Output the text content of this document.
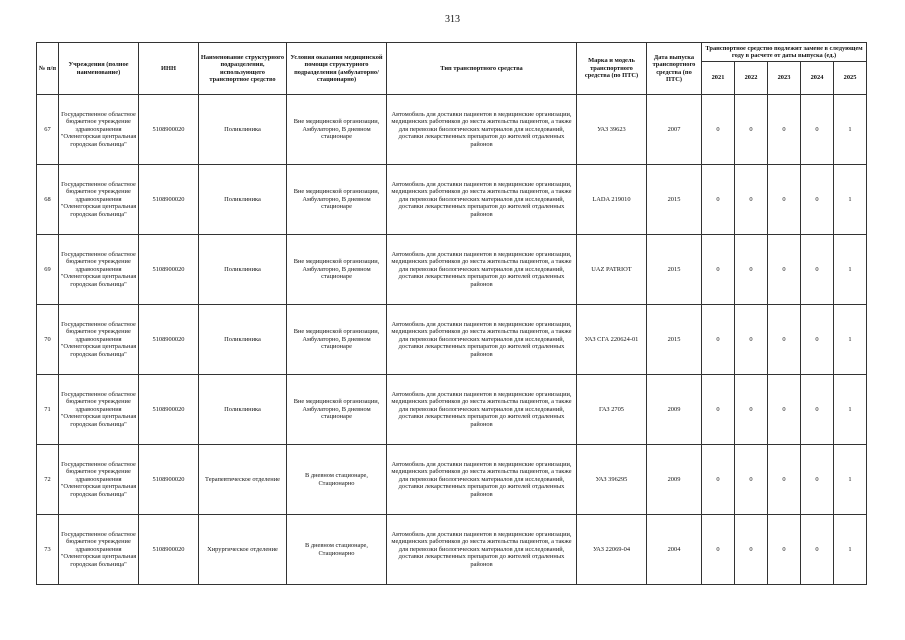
313
№ п/п	Учреждения (полное наименование)	ИНН	Наименование структурного подразделения, использующего транспортное средство	Условия оказания медицинской помощи структурного подразделения (амбулаторно/стационарно)	Тип транспортного средства	Марка и модель транспортного средства (по ПТС)	Дата выпуска транспортного средства (по ПТС)	Транспортное средство подлежит замене в следующем году в расчете от даты выпуска (ед.)				
								2021	2022	2023	2024	2025
67	Государственное областное бюджетное учреждение здравоохранения "Оленегорская центральная городская больница"	5108900020	Поликлиника	Вне медицинской организации, Амбулаторно, В дневном стационаре	Автомобиль для доставки пациентов в медицинские организации, медицинских работников до места жительства пациентов, а также для перевозки биологических материалов для исследований, доставки лекарственных препаратов до жителей отдаленных районов	УАЗ 39623	2007	0	0	0	0	1
68	Государственное областное бюджетное учреждение здравоохранения "Оленегорская центральная городская больница"	5108900020	Поликлиника	Вне медицинской организации, Амбулаторно, В дневном стационаре	Автомобиль для доставки пациентов в медицинские организации, медицинских работников до места жительства пациентов, а также для перевозки биологических материалов для исследований, доставки лекарственных препаратов до жителей отдаленных районов	LADA 219010	2015	0	0	0	0	1
69	Государственное областное бюджетное учреждение здравоохранения "Оленегорская центральная городская больница"	5108900020	Поликлиника	Вне медицинской организации, Амбулаторно, В дневном стационаре	Автомобиль для доставки пациентов в медицинские организации, медицинских работников до места жительства пациентов, а также для перевозки биологических материалов для исследований, доставки лекарственных препаратов до жителей отдаленных районов	UAZ PATRIOT	2015	0	0	0	0	1
70	Государственное областное бюджетное учреждение здравоохранения "Оленегорская центральная городская больница"	5108900020	Поликлиника	Вне медицинской организации, Амбулаторно, В дневном стационаре	Автомобиль для доставки пациентов в медицинские организации, медицинских работников до места жительства пациентов, а также для перевозки биологических материалов для исследований, доставки лекарственных препаратов до жителей отдаленных районов	УАЗ СГА 220624-01	2015	0	0	0	0	1
71	Государственное областное бюджетное учреждение здравоохранения "Оленегорская центральная городская больница"	5108900020	Поликлиника	Вне медицинской организации, Амбулаторно, В дневном стационаре	Автомобиль для доставки пациентов в медицинские организации, медицинских работников до места жительства пациентов, а также для перевозки биологических материалов для исследований, доставки лекарственных препаратов до жителей отдаленных районов	ГАЗ 2705	2009	0	0	0	0	1
72	Государственное областное бюджетное учреждение здравоохранения "Оленегорская центральная городская больница"	5108900020	Терапевтическое отделение	В дневном стационаре, Стационарно	Автомобиль для доставки пациентов в медицинские организации, медицинских работников до места жительства пациентов, а также для перевозки биологических материалов для исследований, доставки лекарственных препаратов до жителей отдаленных районов	УАЗ 396295	2009	0	0	0	0	1
73	Государственное областное бюджетное учреждение здравоохранения "Оленегорская центральная городская больница"	5108900020	Хирургическое отделение	В дневном стационаре, Стационарно	Автомобиль для доставки пациентов в медицинские организации, медицинских работников до места жительства пациентов, а также для перевозки биологических материалов для исследований, доставки лекарственных препаратов до жителей отдаленных районов	УАЗ 22069-04	2004	0	0	0	0	1
